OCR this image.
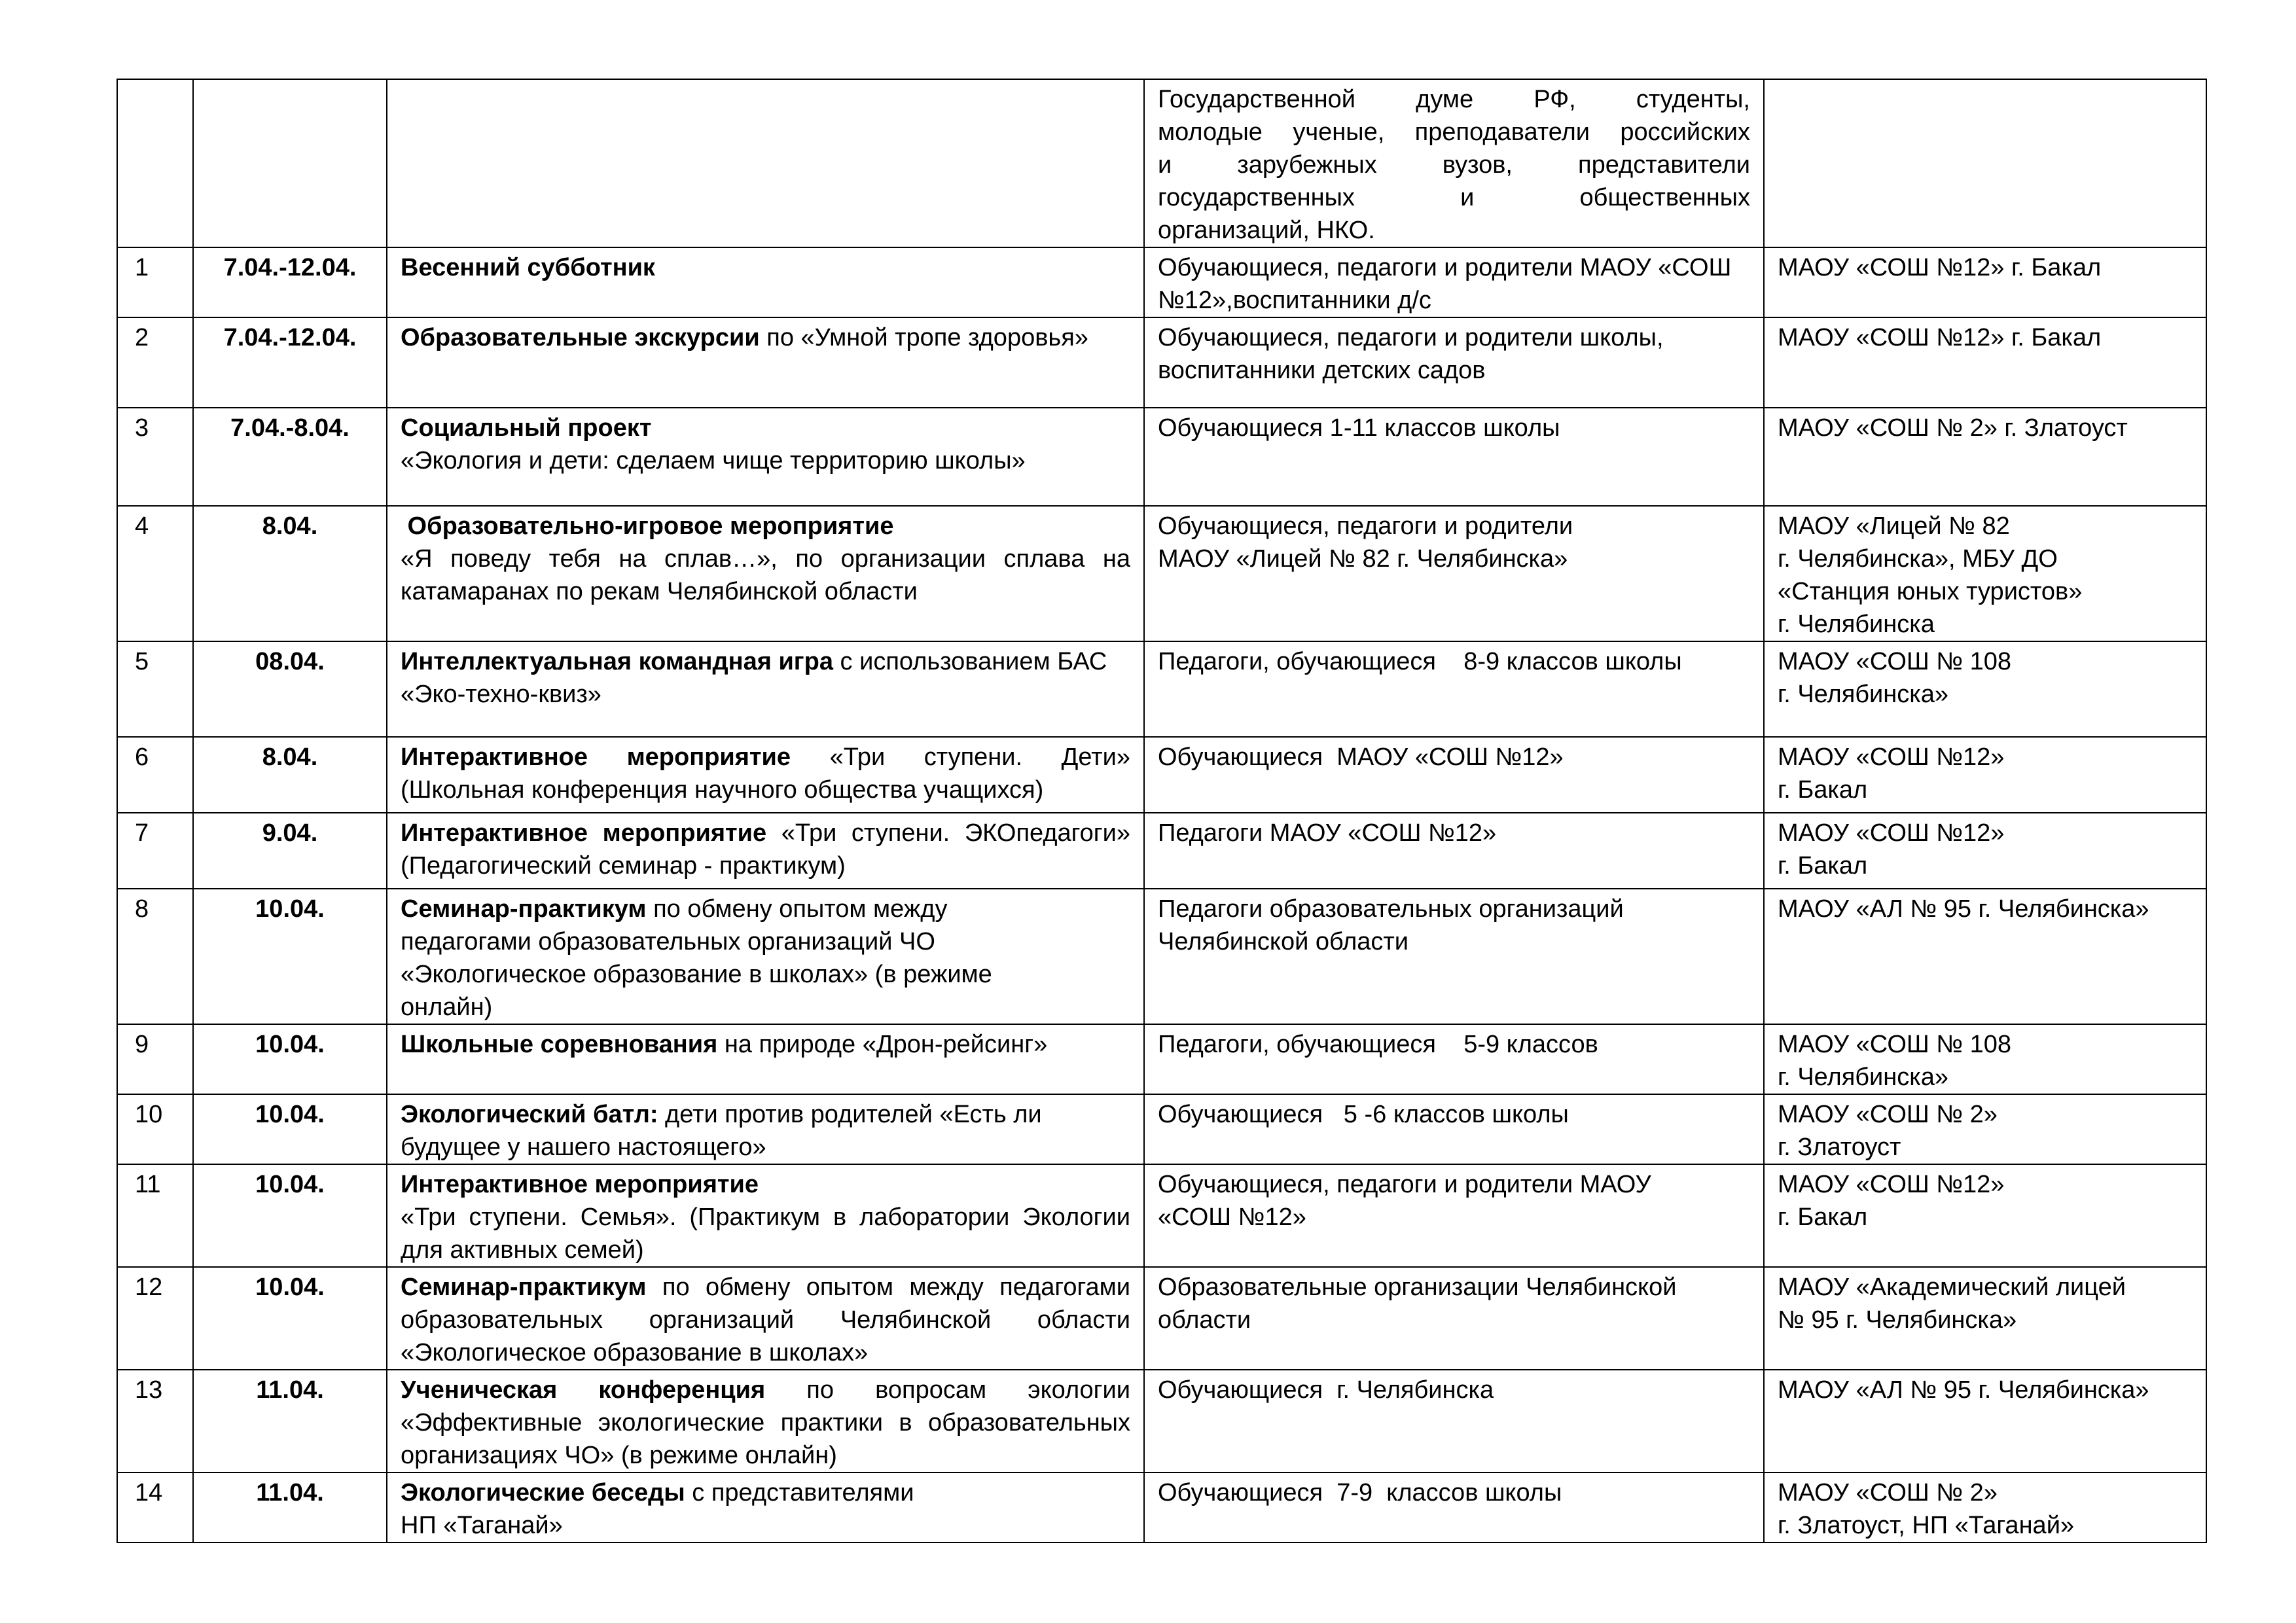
			Государственной думе РФ, студенты,
молодые ученые, преподаватели российских
и зарубежных вузов, представители
государственных и общественных
организаций, НКО.	

1	7.04.-12.04.	Весенний субботник	Обучающиеся, педагоги и родители МАОУ «СОШ №12»,воспитанники д/с	МАОУ «СОШ №12» г. Бакал
2	7.04.-12.04.	Образовательные экскурсии по «Умной тропе здоровья»	Обучающиеся, педагоги и родители школы, воспитанники детских садов	МАОУ «СОШ №12» г. Бакал
3	7.04.-8.04.	Социальный проект
«Экология и дети: сделаем чище территорию школы»	Обучающиеся 1-11 классов школы	МАОУ «СОШ № 2» г. Златоуст
4	8.04.	Образовательно-игровое мероприятие
«Я поведу тебя на сплав…», по организации сплава на катамаранах по рекам Челябинской области	Обучающиеся, педагоги и родители
МАОУ «Лицей № 82 г. Челябинска»	МАОУ «Лицей № 82
г. Челябинска», МБУ ДО
«Станция юных туристов»
г. Челябинска

5	08.04.	Интеллектуальная командная игра с использованием БАС «Эко-техно-квиз»	Педагоги, обучающиеся    8-9 классов школы	МАОУ «СОШ № 108
г. Челябинска»

6	8.04.	Интерактивное мероприятие «Три ступени. Дети» (Школьная конференция научного общества учащихся)	Обучающиеся  МАОУ «СОШ №12»	МАОУ «СОШ №12»
г. Бакал

7	9.04.	Интерактивное мероприятие «Три ступени. ЭКОпедагоги» (Педагогический семинар - практикум)	Педагоги МАОУ «СОШ №12»	МАОУ «СОШ №12»
г. Бакал

8	10.04.	Семинар-практикум по обмену опытом между
педагогами образовательных организаций ЧО
«Экологическое образование в школах» (в режиме
онлайн)	Педагоги образовательных организаций
Челябинской области	МАОУ «АЛ № 95 г. Челябинска»
9	10.04.	Школьные соревнования на природе «Дрон-рейсинг»	Педагоги, обучающиеся    5-9 классов	МАОУ «СОШ № 108
г. Челябинска»

10	10.04.	Экологический батл: дети против родителей «Есть ли
будущее у нашего настоящего»	Обучающиеся   5 -6 классов школы	МАОУ «СОШ № 2»
г. Златоуст

11	10.04.	Интерактивное мероприятие
«Три ступени. Семья». (Практикум в лаборатории Экологии для активных семей)	Обучающиеся, педагоги и родители МАОУ
«СОШ №12»	МАОУ «СОШ №12»
г. Бакал

12	10.04.	Семинар-практикум по обмену опытом между педагогами образовательных организаций Челябинской области «Экологическое образование в школах»	Образовательные организации Челябинской
области	МАОУ «Академический лицей
№ 95 г. Челябинска»

13	11.04.	Ученическая конференция по вопросам экологии «Эффективные экологические практики в образовательных организациях ЧО» (в режиме онлайн)	Обучающиеся  г. Челябинска	МАОУ «АЛ № 95 г. Челябинска»
14	11.04.	Экологические беседы с представителями
НП «Таганай»	Обучающиеся  7-9  классов школы	МАОУ «СОШ № 2»
г. Златоуст, НП «Таганай»
